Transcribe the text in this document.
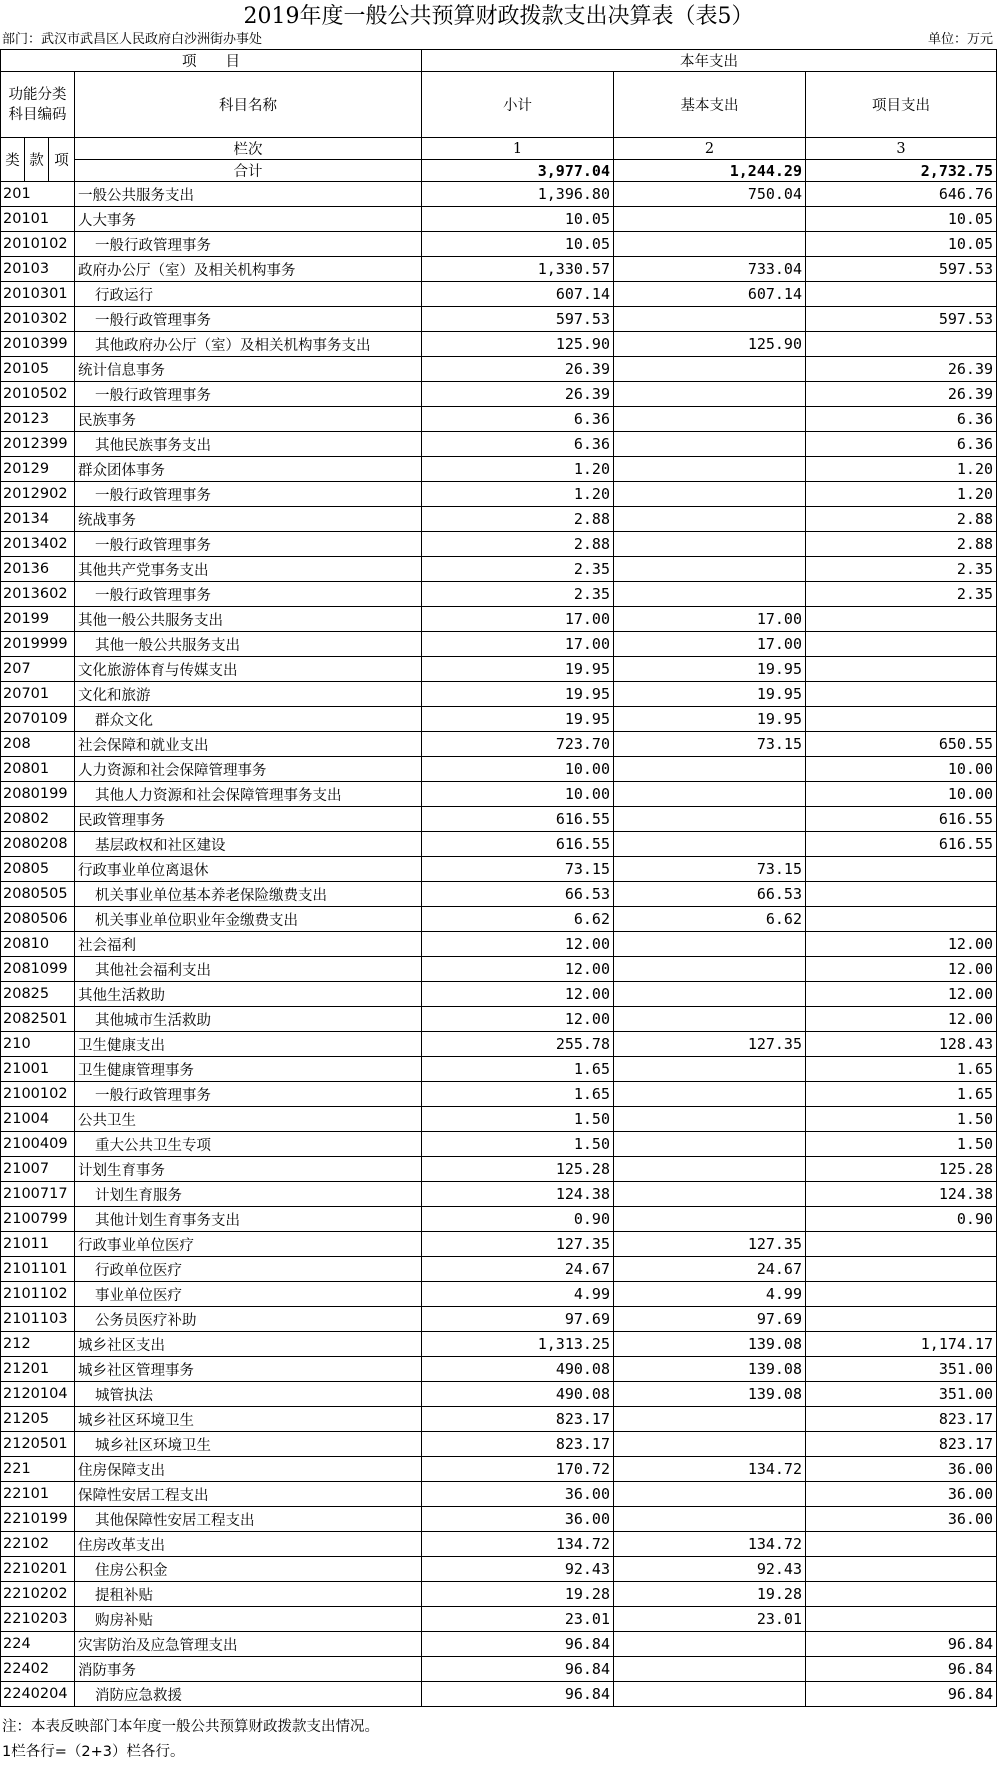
2019年度一般公共预算财政拨款支出决算表（表5）
部门：武汉市武昌区人民政府白沙洲街办事处	单位：万元
项　　目				本年支出		
功能分类
科目编码			科目名称	小计	基本支出	项目支出
类	款	项	栏次	1	2	3
			合计	3,977.04	1,244.29	2,732.75
201			一般公共服务支出	1,396.80	750.04	646.76
20101			人大事务	10.05		10.05
2010102			一般行政管理事务	10.05		10.05
20103			政府办公厅（室）及相关机构事务	1,330.57	733.04	597.53
2010301			行政运行	607.14	607.14	
2010302			一般行政管理事务	597.53		597.53
2010399			其他政府办公厅（室）及相关机构事务支出	125.90	125.90	
20105			统计信息事务	26.39		26.39
2010502			一般行政管理事务	26.39		26.39
20123			民族事务	6.36		6.36
2012399			其他民族事务支出	6.36		6.36
20129			群众团体事务	1.20		1.20
2012902			一般行政管理事务	1.20		1.20
20134			统战事务	2.88		2.88
2013402			一般行政管理事务	2.88		2.88
20136			其他共产党事务支出	2.35		2.35
2013602			一般行政管理事务	2.35		2.35
20199			其他一般公共服务支出	17.00	17.00	
2019999			其他一般公共服务支出	17.00	17.00	
207			文化旅游体育与传媒支出	19.95	19.95	
20701			文化和旅游	19.95	19.95	
2070109			群众文化	19.95	19.95	
208			社会保障和就业支出	723.70	73.15	650.55
20801			人力资源和社会保障管理事务	10.00		10.00
2080199			其他人力资源和社会保障管理事务支出	10.00		10.00
20802			民政管理事务	616.55		616.55
2080208			基层政权和社区建设	616.55		616.55
20805			行政事业单位离退休	73.15	73.15	
2080505			机关事业单位基本养老保险缴费支出	66.53	66.53	
2080506			机关事业单位职业年金缴费支出	6.62	6.62	
20810			社会福利	12.00		12.00
2081099			其他社会福利支出	12.00		12.00
20825			其他生活救助	12.00		12.00
2082501			其他城市生活救助	12.00		12.00
210			卫生健康支出	255.78	127.35	128.43
21001			卫生健康管理事务	1.65		1.65
2100102			一般行政管理事务	1.65		1.65
21004			公共卫生	1.50		1.50
2100409			重大公共卫生专项	1.50		1.50
21007			计划生育事务	125.28		125.28
2100717			计划生育服务	124.38		124.38
2100799			其他计划生育事务支出	0.90		0.90
21011			行政事业单位医疗	127.35	127.35	
2101101			行政单位医疗	24.67	24.67	
2101102			事业单位医疗	4.99	4.99	
2101103			公务员医疗补助	97.69	97.69	
212			城乡社区支出	1,313.25	139.08	1,174.17
21201			城乡社区管理事务	490.08	139.08	351.00
2120104			城管执法	490.08	139.08	351.00
21205			城乡社区环境卫生	823.17		823.17
2120501			城乡社区环境卫生	823.17		823.17
221			住房保障支出	170.72	134.72	36.00
22101			保障性安居工程支出	36.00		36.00
2210199			其他保障性安居工程支出	36.00		36.00
22102			住房改革支出	134.72	134.72	
2210201			住房公积金	92.43	92.43	
2210202			提租补贴	19.28	19.28	
2210203			购房补贴	23.01	23.01	
224			灾害防治及应急管理支出	96.84		96.84
22402			消防事务	96.84		96.84
2240204			消防应急救援	96.84		96.84
注：本表反映部门本年度一般公共预算财政拨款支出情况。
1栏各行=（2+3）栏各行。
